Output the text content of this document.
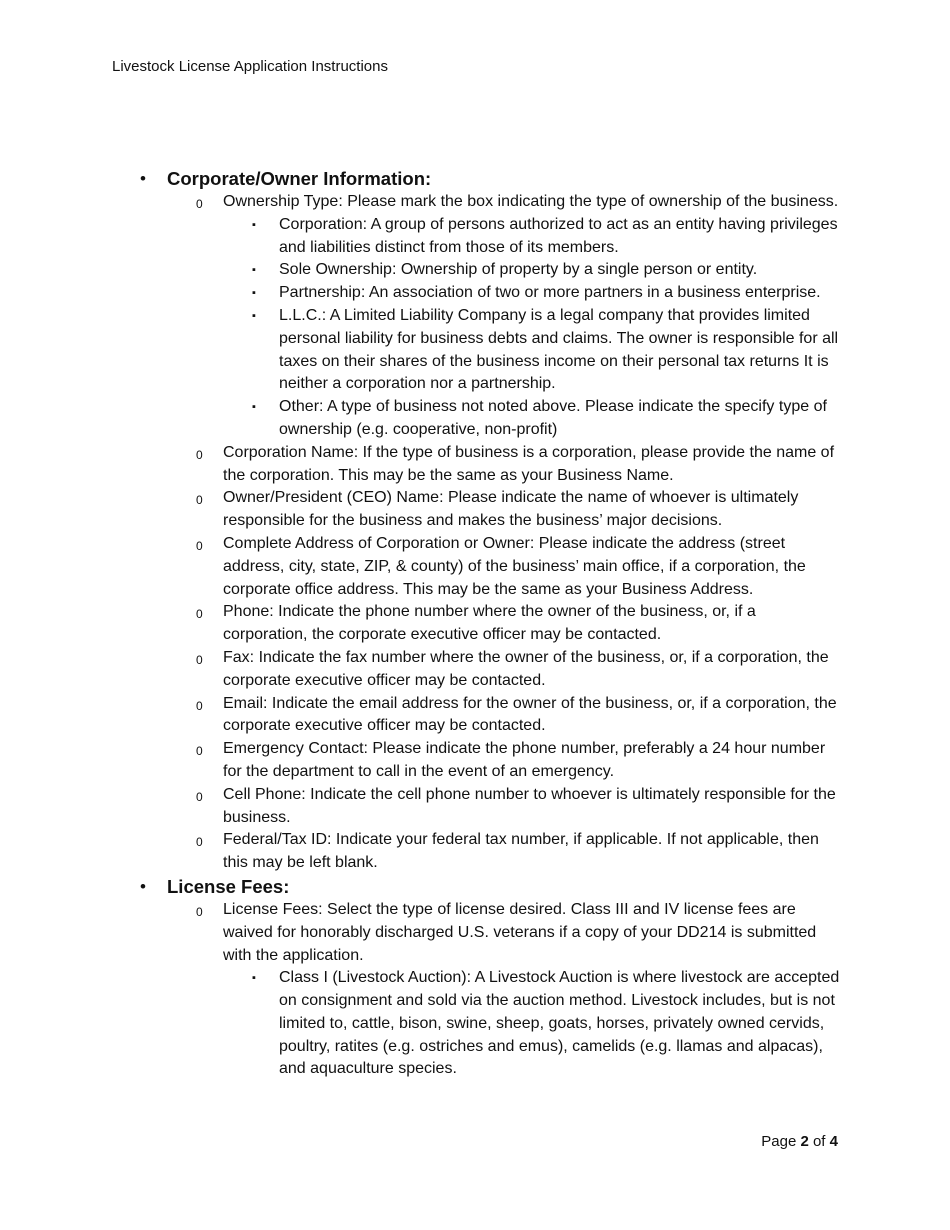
Livestock License Application Instructions
• Corporate/Owner Information:
0 Ownership Type: Please mark the box indicating the type of ownership of the business.
▪ Corporation: A group of persons authorized to act as an entity having privileges and liabilities distinct from those of its members.
▪ Sole Ownership: Ownership of property by a single person or entity.
▪ Partnership: An association of two or more partners in a business enterprise.
▪ L.L.C.: A Limited Liability Company is a legal company that provides limited personal liability for business debts and claims. The owner is responsible for all taxes on their shares of the business income on their personal tax returns It is neither a corporation nor a partnership.
▪ Other: A type of business not noted above. Please indicate the specify type of ownership (e.g. cooperative, non-profit)
0 Corporation Name: If the type of business is a corporation, please provide the name of the corporation. This may be the same as your Business Name.
0 Owner/President (CEO) Name: Please indicate the name of whoever is ultimately responsible for the business and makes the business’ major decisions.
0 Complete Address of Corporation or Owner: Please indicate the address (street address, city, state, ZIP, & county) of the business’ main office, if a corporation, the corporate office address. This may be the same as your Business Address.
0 Phone: Indicate the phone number where the owner of the business, or, if a corporation, the corporate executive officer may be contacted.
0 Fax: Indicate the fax number where the owner of the business, or, if a corporation, the corporate executive officer may be contacted.
0 Email: Indicate the email address for the owner of the business, or, if a corporation, the corporate executive officer may be contacted.
0 Emergency Contact: Please indicate the phone number, preferably a 24 hour number for the department to call in the event of an emergency.
0 Cell Phone: Indicate the cell phone number to whoever is ultimately responsible for the business.
0 Federal/Tax ID: Indicate your federal tax number, if applicable. If not applicable, then this may be left blank.
• License Fees:
0 License Fees: Select the type of license desired. Class III and IV license fees are waived for honorably discharged U.S. veterans if a copy of your DD214 is submitted with the application.
▪ Class I (Livestock Auction): A Livestock Auction is where livestock are accepted on consignment and sold via the auction method. Livestock includes, but is not limited to, cattle, bison, swine, sheep, goats, horses, privately owned cervids, poultry, ratites (e.g. ostriches and emus), camelids (e.g. llamas and alpacas), and aquaculture species.
Page 2 of 4
